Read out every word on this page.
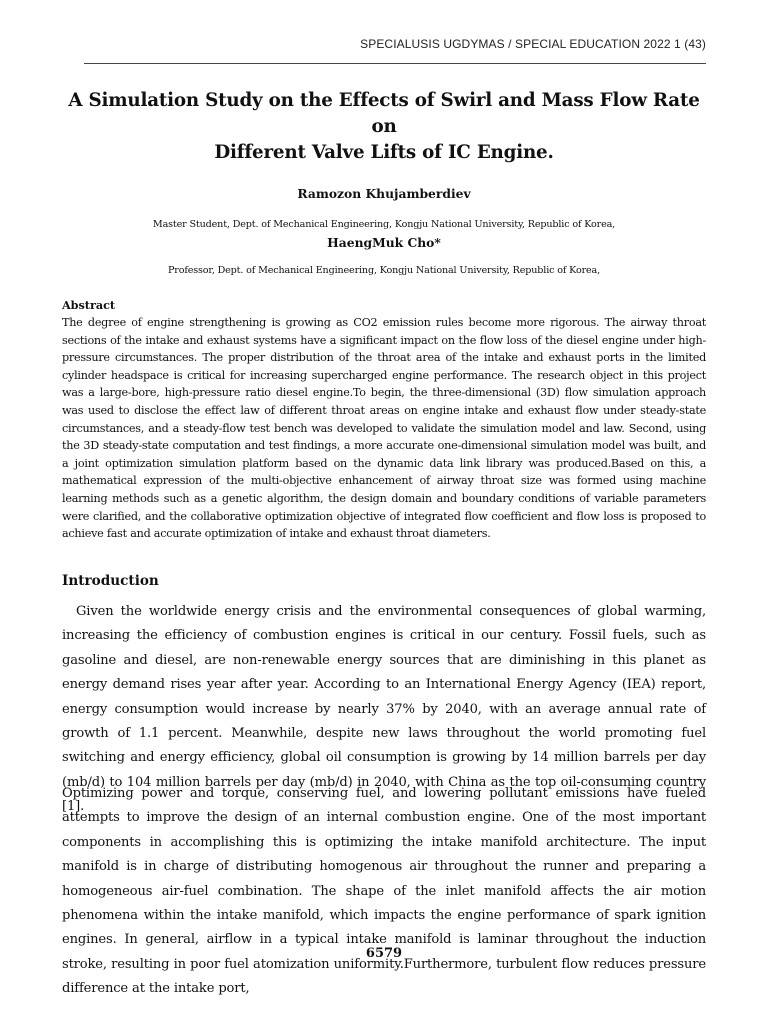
SPECIALUSIS UGDYMAS / SPECIAL EDUCATION 2022 1 (43)
A Simulation Study on the Effects of Swirl and Mass Flow Rate on
Different Valve Lifts of IC Engine.
Ramozon Khujamberdiev
Master Student, Dept. of Mechanical Engineering, Kongju National University, Republic of Korea,
HaengMuk Cho*
Professor, Dept. of Mechanical Engineering, Kongju National University, Republic of Korea,
Abstract

The degree of engine strengthening is growing as CO2 emission rules become more rigorous. The airway throat sections of the intake and exhaust systems have a significant impact on the flow loss of the diesel engine under high-pressure circumstances. The proper distribution of the throat area of the intake and exhaust ports in the limited cylinder headspace is critical for increasing supercharged engine performance. The research object in this project was a large-bore, high-pressure ratio diesel engine.To begin, the three-dimensional (3D) flow simulation approach was used to disclose the effect law of different throat areas on engine intake and exhaust flow under steady-state circumstances, and a steady-flow test bench was developed to validate the simulation model and law. Second, using the 3D steady-state computation and test findings, a more accurate one-dimensional simulation model was built, and a joint optimization simulation platform based on the dynamic data link library was produced.Based on this, a mathematical expression of the multi-objective enhancement of airway throat size was formed using machine learning methods such as a genetic algorithm, the design domain and boundary conditions of variable parameters were clarified, and the collaborative optimization objective of integrated flow coefficient and flow loss is proposed to achieve fast and accurate optimization of intake and exhaust throat diameters.

Introduction

Given the worldwide energy crisis and the environmental consequences of global warming, increasing the efficiency of combustion engines is critical in our century. Fossil fuels, such as gasoline and diesel, are non-renewable energy sources that are diminishing in this planet as energy demand rises year after year. According to an International Energy Agency (IEA) report, energy consumption would increase by nearly 37% by 2040, with an average annual rate of growth of 1.1 percent. Meanwhile, despite new laws throughout the world promoting fuel switching and energy efficiency, global oil consumption is growing by 14 million barrels per day (mb/d) to 104 million barrels per day (mb/d) in 2040, with China as the top oil-consuming country [1].

Optimizing power and torque, conserving fuel, and lowering pollutant emissions have fueled attempts to improve the design of an internal combustion engine. One of the most important components in accomplishing this is optimizing the intake manifold architecture. The input manifold is in charge of distributing homogenous air throughout the runner and preparing a homogeneous air-fuel combination. The shape of the inlet manifold affects the air motion phenomena within the intake manifold, which impacts the engine performance of spark ignition engines. In general, airflow in a typical intake manifold is laminar throughout the induction stroke, resulting in poor fuel atomization uniformity.Furthermore, turbulent flow reduces pressure difference at the intake port,

6579
